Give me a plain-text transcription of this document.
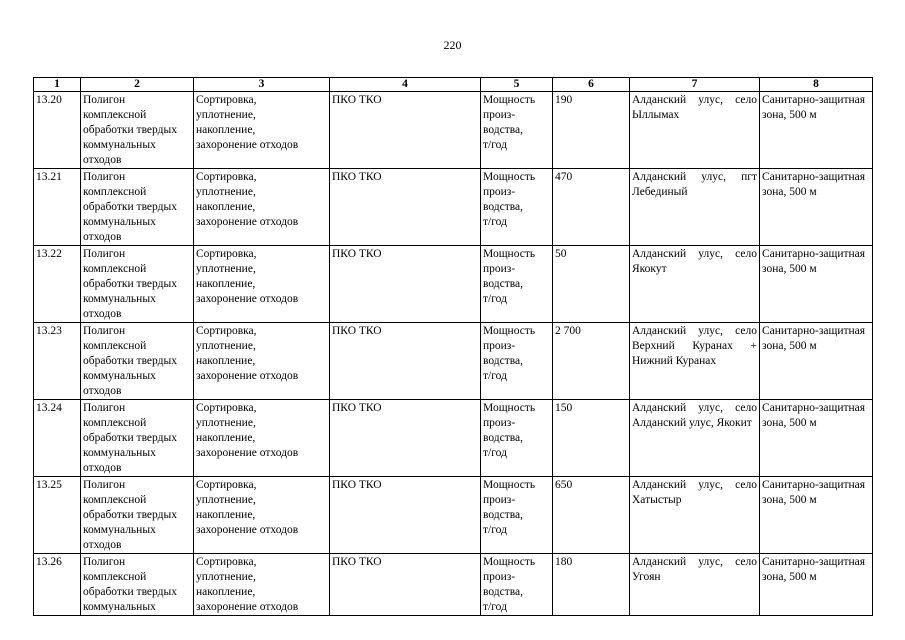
220
1	2	3	4	5	6	7	8
13.20	Полигон
комплексной
обработки твердых
коммунальных
отходов	Сортировка,
уплотнение,
накопление,
захоронение отходов	ПКО ТКО	Мощность
произ-
водства,
т/год	190	Алданский улус, село Ыллымах	Санитарно-защитная зона, 500 м
13.21	Полигон
комплексной
обработки твердых
коммунальных
отходов	Сортировка,
уплотнение,
накопление,
захоронение отходов	ПКО ТКО	Мощность
произ-
водства,
т/год	470	Алданский улус, пгт Лебединый	Санитарно-защитная зона, 500 м
13.22	Полигон
комплексной
обработки твердых
коммунальных
отходов	Сортировка,
уплотнение,
накопление,
захоронение отходов	ПКО ТКО	Мощность
произ-
водства,
т/год	50	Алданский улус, село Якокут	Санитарно-защитная зона, 500 м
13.23	Полигон
комплексной
обработки твердых
коммунальных
отходов	Сортировка,
уплотнение,
накопление,
захоронение отходов	ПКО ТКО	Мощность
произ-
водства,
т/год	2 700	Алданский улус, село Верхний Куранах + Нижний Куранах	Санитарно-защитная зона, 500 м
13.24	Полигон
комплексной
обработки твердых
коммунальных
отходов	Сортировка,
уплотнение,
накопление,
захоронение отходов	ПКО ТКО	Мощность
произ-
водства,
т/год	150	Алданский улус, село Алданский улус, Якокит	Санитарно-защитная зона, 500 м
13.25	Полигон
комплексной
обработки твердых
коммунальных
отходов	Сортировка,
уплотнение,
накопление,
захоронение отходов	ПКО ТКО	Мощность
произ-
водства,
т/год	650	Алданский улус, село Хатыстыр	Санитарно-защитная зона, 500 м
13.26	Полигон
комплексной
обработки твердых
коммунальных	Сортировка,
уплотнение,
накопление,
захоронение отходов	ПКО ТКО	Мощность
произ-
водства,
т/год	180	Алданский улус, село Угоян	Санитарно-защитная зона, 500 м
